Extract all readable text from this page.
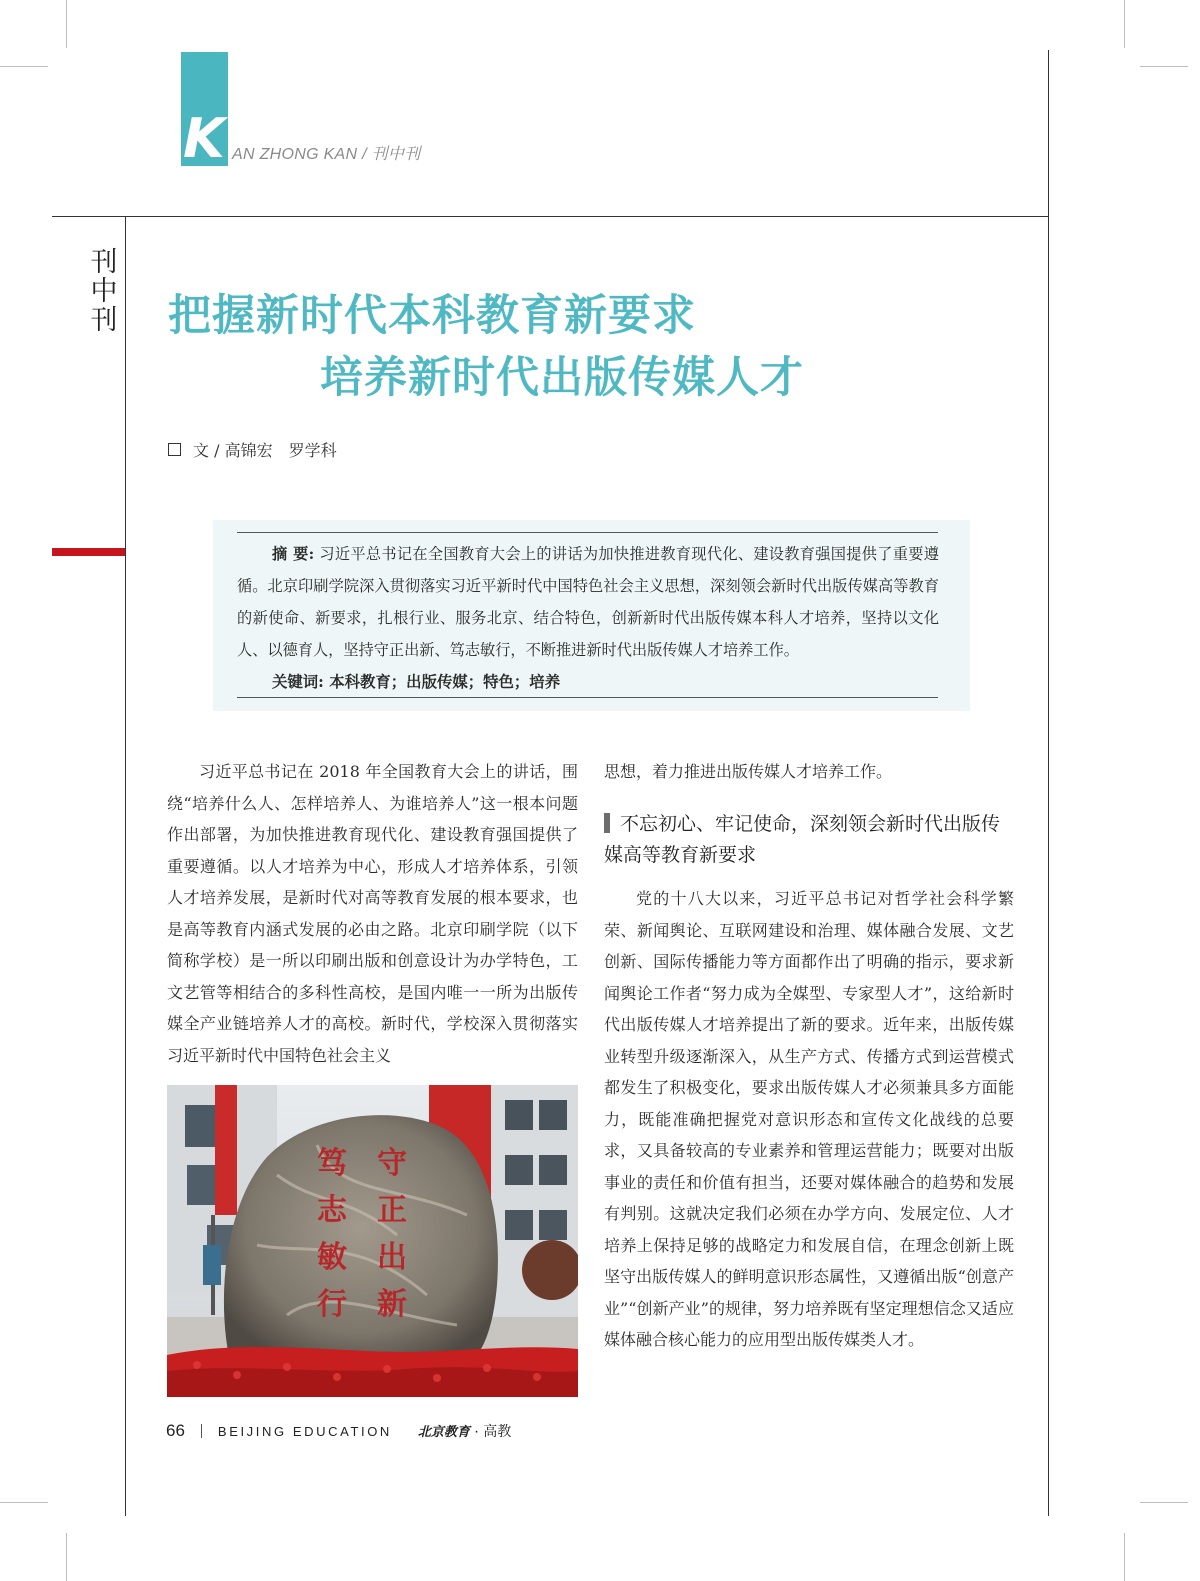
K AN ZHONG KAN / 刊中刊
刊
中
刊 把握新时代本科教育新要求
培养新时代出版传媒人才
文 / 高锦宏　罗学科

摘 要: 习近平总书记在全国教育大会上的讲话为加快推进教育现代化、建设教育强国提供了重要遵循。北京印刷学院深入贯彻落实习近平新时代中国特色社会主义思想，深刻领会新时代出版传媒高等教育的新使命、新要求，扎根行业、服务北京、结合特色，创新新时代出版传媒本科人才培养，坚持以文化人、以德育人，坚持守正出新、笃志敏行，不断推进新时代出版传媒人才培养工作。

关键词: 本科教育；出版传媒；特色；培养

习近平总书记在 2018 年全国教育大会上的讲话，围绕“培养什么人、怎样培养人、为谁培养人”这一根本问题作出部署，为加快推进教育现代化、建设教育强国提供了重要遵循。以人才培养为中心，形成人才培养体系，引领人才培养发展，是新时代对高等教育发展的根本要求，也是高等教育内涵式发展的必由之路。北京印刷学院（以下简称学校）是一所以印刷出版和创意设计为办学特色，工文艺管等相结合的多科性高校，是国内唯一一所为出版传媒全产业链培养人才的高校。新时代，学校深入贯彻落实习近平新时代中国特色社会主义

守
正
出
新
笃
志
敏
行

思想，着力推进出版传媒人才培养工作。

不忘初心、牢记使命，深刻领会新时代出版传媒高等教育新要求

党的十八大以来，习近平总书记对哲学社会科学繁荣、新闻舆论、互联网建设和治理、媒体融合发展、文艺创新、国际传播能力等方面都作出了明确的指示，要求新闻舆论工作者“努力成为全媒型、专家型人才”，这给新时代出版传媒人才培养提出了新的要求。近年来，出版传媒业转型升级逐渐深入，从生产方式、传播方式到运营模式都发生了积极变化，要求出版传媒人才必须兼具多方面能力，既能准确把握党对意识形态和宣传文化战线的总要求，又具备较高的专业素养和管理运营能力；既要对出版事业的责任和价值有担当，还要对媒体融合的趋势和发展有判别。这就决定我们必须在办学方向、发展定位、人才培养上保持足够的战略定力和发展自信，在理念创新上既坚守出版传媒人的鲜明意识形态属性，又遵循出版“创意产业”“创新产业”的规律，努力培养既有坚定理想信念又适应媒体融合核心能力的应用型出版传媒类人才。

66	BEIJING EDUCATION 北京教育 · 高教
